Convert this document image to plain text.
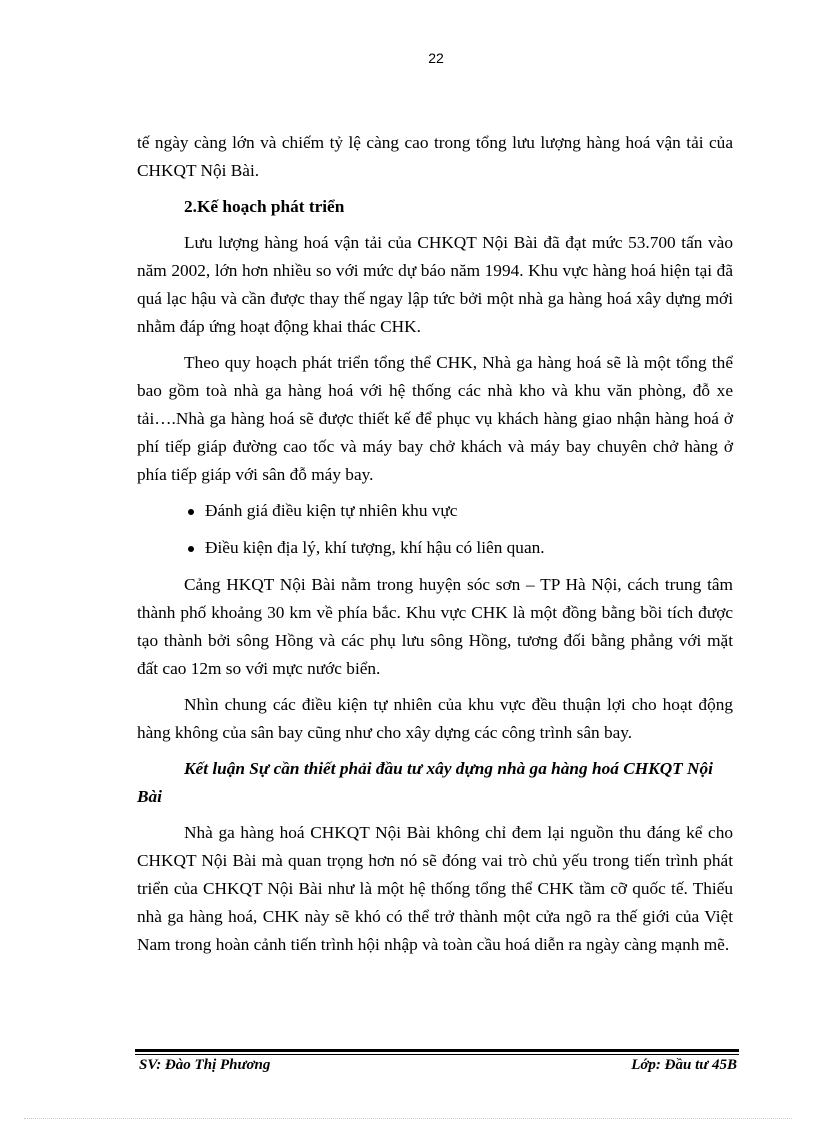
22

tế ngày càng lớn và chiếm tỷ lệ càng cao trong tổng lưu lượng hàng hoá vận tải của CHKQT Nội Bài.

2.Kế hoạch phát triển

Lưu lượng hàng hoá vận tải của CHKQT Nội Bài đã đạt mức 53.700 tấn vào năm 2002, lớn hơn nhiều so với mức dự báo năm 1994. Khu vực hàng hoá hiện tại đã quá lạc hậu và cần được thay thế ngay lập tức bởi một nhà ga hàng hoá xây dựng mới nhằm đáp ứng hoạt động khai thác CHK.

Theo quy hoạch phát triển tổng thể CHK, Nhà ga hàng hoá sẽ là một tổng thể bao gồm toà nhà ga hàng hoá với hệ thống các nhà kho và khu văn phòng, đỗ xe tải….Nhà ga hàng hoá sẽ được thiết kế để phục vụ khách hàng giao nhận hàng hoá ở phí tiếp giáp đường cao tốc và máy bay chở khách và máy bay chuyên chở hàng ở phía tiếp giáp với sân đỗ máy bay.

Đánh giá điều kiện tự nhiên khu vực
Điều kiện địa lý, khí tượng, khí hậu có liên quan.

Cảng HKQT Nội Bài nằm trong huyện sóc sơn – TP Hà Nội, cách trung tâm thành phố khoảng 30 km về phía bắc. Khu vực CHK là một đồng bằng bồi tích được tạo thành bởi sông Hồng và các phụ lưu sông Hồng, tương đối bằng phẳng với mặt đất cao 12m so với mực nước biển.

Nhìn chung các điều kiện tự nhiên của khu vực đều thuận lợi cho hoạt động hàng không của sân bay cũng như cho xây dựng các công trình sân bay.

Kết luận Sự cần thiết phải đầu tư xây dựng nhà ga hàng hoá CHKQT Nội Bài

Nhà ga hàng hoá CHKQT Nội Bài không chỉ đem lại nguồn thu đáng kể cho CHKQT Nội Bài mà quan trọng hơn nó sẽ đóng vai trò chủ yếu trong tiến trình phát triển của CHKQT Nội Bài như là một hệ thống tổng thể CHK tầm cỡ quốc tế. Thiếu nhà ga hàng hoá, CHK này sẽ khó có thể trở thành một cửa ngõ ra thế giới của Việt Nam trong hoàn cảnh tiến trình hội nhập và toàn cầu hoá diễn ra ngày càng mạnh mẽ.

SV: Đào Thị Phương	Lớp: Đầu tư 45B
